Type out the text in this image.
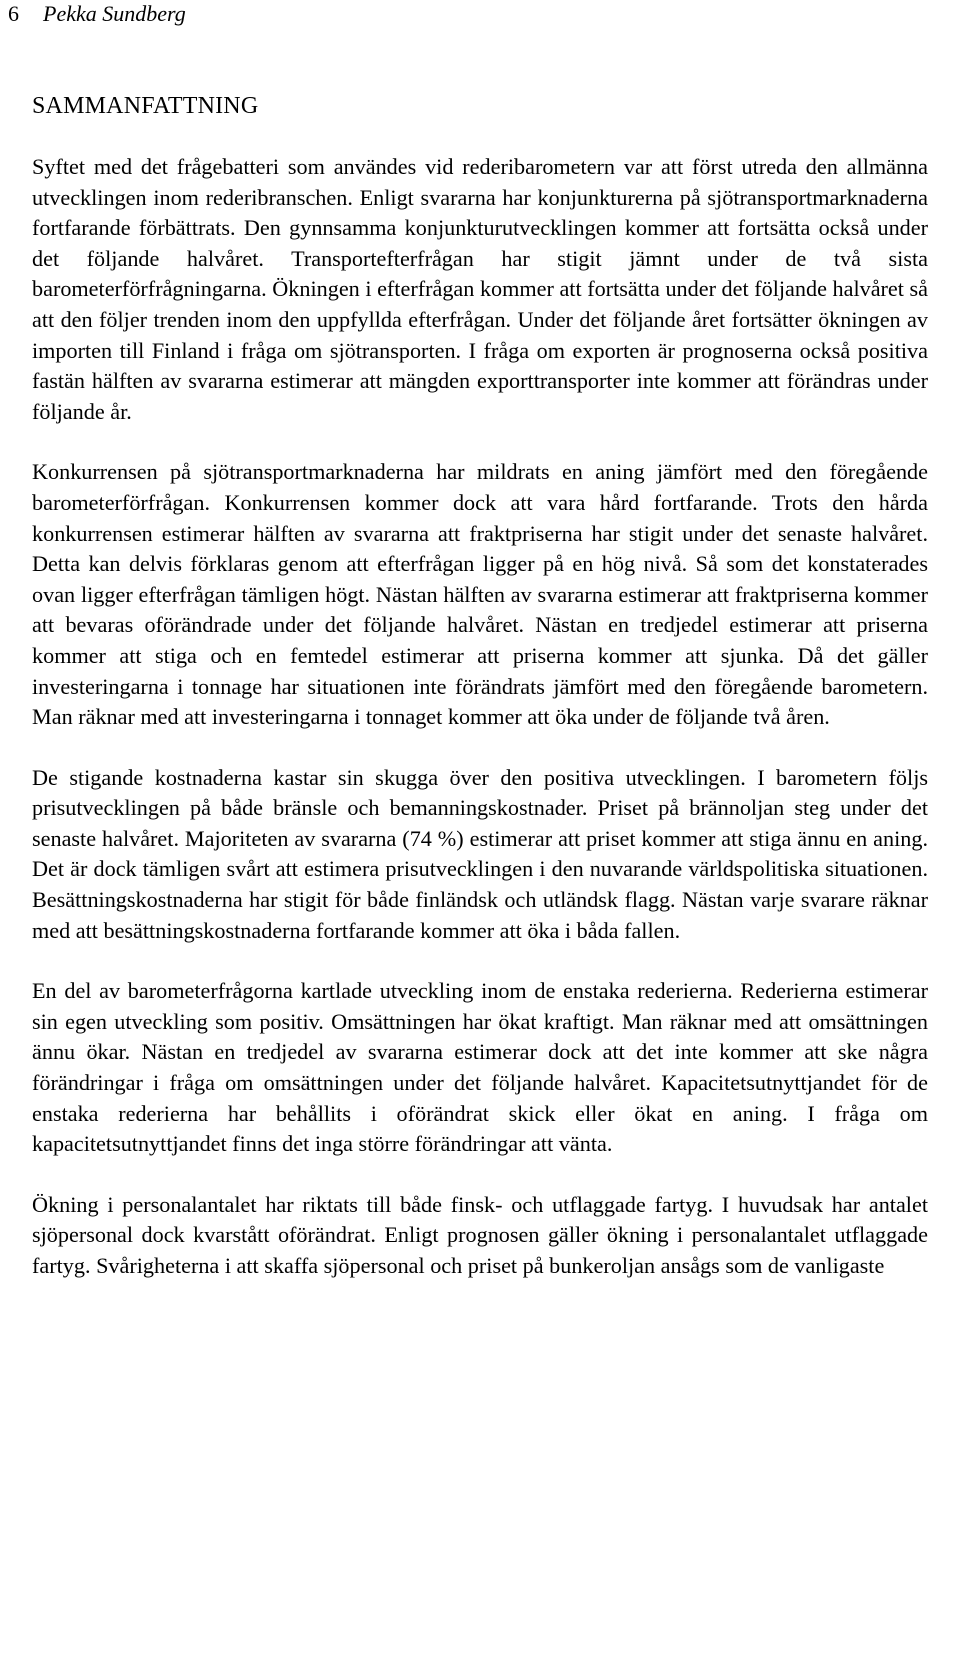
6 Pekka Sundberg
SAMMANFATTNING

Syftet med det frågebatteri som användes vid rederibarometern var att först utreda den allmänna utvecklingen inom rederibranschen. Enligt svararna har konjunkturerna på sjötransportmarknaderna fortfarande förbättrats. Den gynnsamma konjunkturutvecklingen kommer att fortsätta också under det följande halvåret. Transportefterfrågan har stigit jämnt under de två sista barometerförfrågningarna. Ökningen i efterfrågan kommer att fortsätta under det följande halvåret så att den följer trenden inom den uppfyllda efterfrågan. Under det följande året fortsätter ökningen av importen till Finland i fråga om sjötransporten. I fråga om exporten är prognoserna också positiva fastän hälften av svararna estimerar att mängden exporttransporter inte kommer att förändras under följande år.

Konkurrensen på sjötransportmarknaderna har mildrats en aning jämfört med den föregående barometerförfrågan. Konkurrensen kommer dock att vara hård fortfarande. Trots den hårda konkurrensen estimerar hälften av svararna att fraktpriserna har stigit under det senaste halvåret. Detta kan delvis förklaras genom att efterfrågan ligger på en hög nivå. Så som det konstaterades ovan ligger efterfrågan tämligen högt. Nästan hälften av svararna estimerar att fraktpriserna kommer att bevaras oförändrade under det följande halvåret. Nästan en tredjedel estimerar att priserna kommer att stiga och en femtedel estimerar att priserna kommer att sjunka. Då det gäller investeringarna i tonnage har situationen inte förändrats jämfört med den föregående barometern. Man räknar med att investeringarna i tonnaget kommer att öka under de följande två åren.

De stigande kostnaderna kastar sin skugga över den positiva utvecklingen. I barometern följs prisutvecklingen på både bränsle och bemanningskostnader. Priset på brännoljan steg under det senaste halvåret. Majoriteten av svararna (74 %) estimerar att priset kommer att stiga ännu en aning. Det är dock tämligen svårt att estimera prisutvecklingen i den nuvarande världspolitiska situationen. Besättningskostnaderna har stigit för både finländsk och utländsk flagg. Nästan varje svarare räknar med att besättningskostnaderna fortfarande kommer att öka i båda fallen.

En del av barometerfrågorna kartlade utveckling inom de enstaka rederierna. Rederierna estimerar sin egen utveckling som positiv. Omsättningen har ökat kraftigt. Man räknar med att omsättningen ännu ökar. Nästan en tredjedel av svararna estimerar dock att det inte kommer att ske några förändringar i fråga om omsättningen under det följande halvåret. Kapacitetsutnyttjandet för de enstaka rederierna har behållits i oförändrat skick eller ökat en aning. I fråga om kapacitetsutnyttjandet finns det inga större förändringar att vänta.

Ökning i personalantalet har riktats till både finsk- och utflaggade fartyg. I huvudsak har antalet sjöpersonal dock kvarstått oförändrat. Enligt prognosen gäller ökning i personalantalet utflaggade fartyg. Svårigheterna i att skaffa sjöpersonal och priset på bunkeroljan ansågs som de vanligaste
